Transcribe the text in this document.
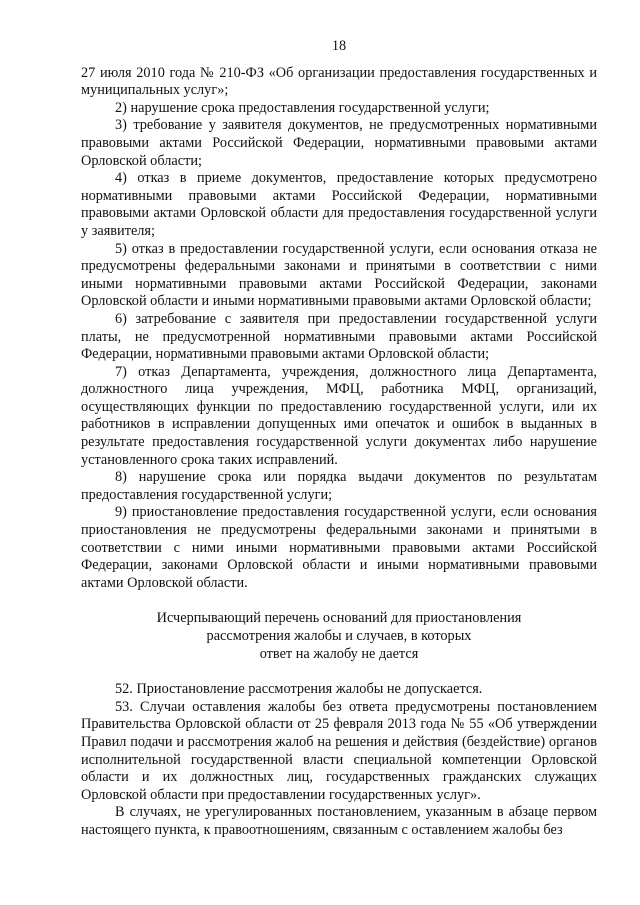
18

27 июля 2010 года № 210-ФЗ «Об организации предоставления государственных и муниципальных услуг»;

2) нарушение срока предоставления государственной услуги;

3) требование у заявителя документов, не предусмотренных нормативными правовыми актами Российской Федерации, нормативными правовыми актами Орловской области;

4) отказ в приеме документов, предоставление которых предусмотрено нормативными правовыми актами Российской Федерации, нормативными правовыми актами Орловской области для предоставления государственной услуги у заявителя;

5) отказ в предоставлении государственной услуги, если основания отказа не предусмотрены федеральными законами и принятыми в соответствии с ними иными нормативными правовыми актами Российской Федерации, законами Орловской области и иными нормативными правовыми актами Орловской области;

6) затребование с заявителя при предоставлении государственной услуги платы, не предусмотренной нормативными правовыми актами Российской Федерации, нормативными правовыми актами Орловской области;

7) отказ Департамента, учреждения, должностного лица Департамента, должностного лица учреждения, МФЦ, работника МФЦ, организаций, осуществляющих функции по предоставлению государственной услуги, или их работников в исправлении допущенных ими опечаток и ошибок в выданных в результате предоставления государственной услуги документах либо нарушение установленного срока таких исправлений.

8) нарушение срока или порядка выдачи документов по результатам предоставления государственной услуги;

9) приостановление предоставления государственной услуги, если основания приостановления не предусмотрены федеральными законами и принятыми в соответствии с ними иными нормативными правовыми актами Российской Федерации, законами Орловской области и иными нормативными правовыми актами Орловской области.

Исчерпывающий перечень оснований для приостановления
рассмотрения жалобы и случаев, в которых
ответ на жалобу не дается

52. Приостановление рассмотрения жалобы не допускается.

53. Случаи оставления жалобы без ответа предусмотрены постановлением Правительства Орловской области от 25 февраля 2013 года № 55 «Об утверждении Правил подачи и рассмотрения жалоб на решения и действия (бездействие) органов исполнительной государственной власти специальной компетенции Орловской области и их должностных лиц, государственных гражданских служащих Орловской области при предоставлении государственных услуг».

В случаях, не урегулированных постановлением, указанным в абзаце первом настоящего пункта, к правоотношениям, связанным с оставлением жалобы без
